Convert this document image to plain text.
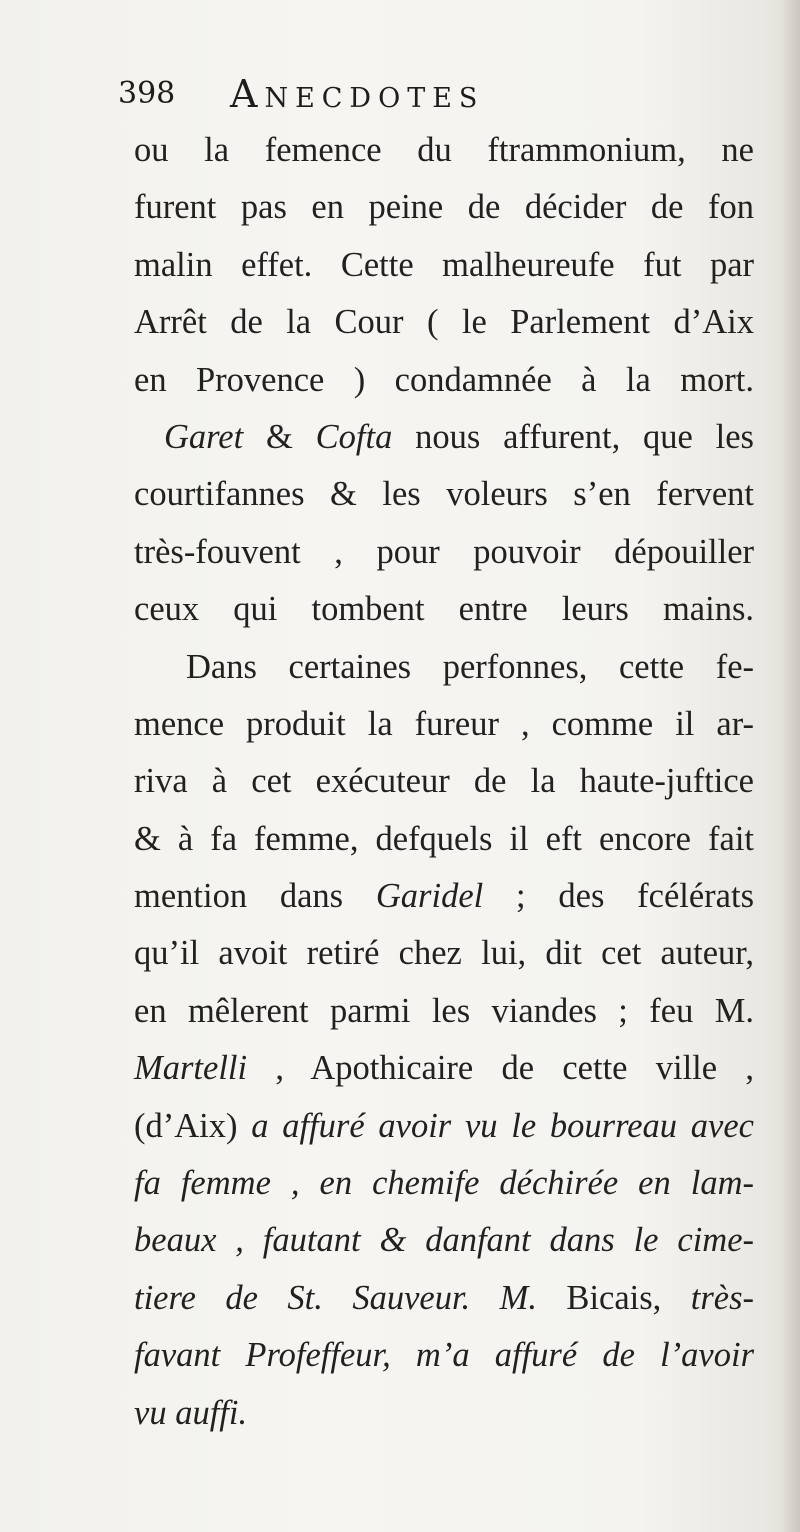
398 Anecdotes
ou la femence du ftrammonium, ne
furent pas en peine de décider de fon
malin effet. Cette malheureufe fut par
Arrêt de la Cour ( le Parlement d’Aix
en Provence ) condamnée à la mort.
Garet & Cofta nous affurent, que les
courtifannes & les voleurs s’en fervent
très-fouvent , pour pouvoir dépouiller
ceux qui tombent entre leurs mains.
Dans certaines perfonnes, cette fe-
mence produit la fureur , comme il ar-
riva à cet exécuteur de la haute-juftice
& à fa femme, defquels il eft encore fait
mention dans Garidel ; des fcélérats
qu’il avoit retiré chez lui, dit cet auteur,
en mêlerent parmi les viandes ; feu M.
Martelli , Apothicaire de cette ville ,
(d’Aix) a affuré avoir vu le bourreau avec
fa femme , en chemife déchirée en lam-
beaux , fautant & danfant dans le cime-
tiere de St. Sauveur. M. Bicais, très-
favant Profeffeur, m’a affuré de l’avoir
vu auffi.
